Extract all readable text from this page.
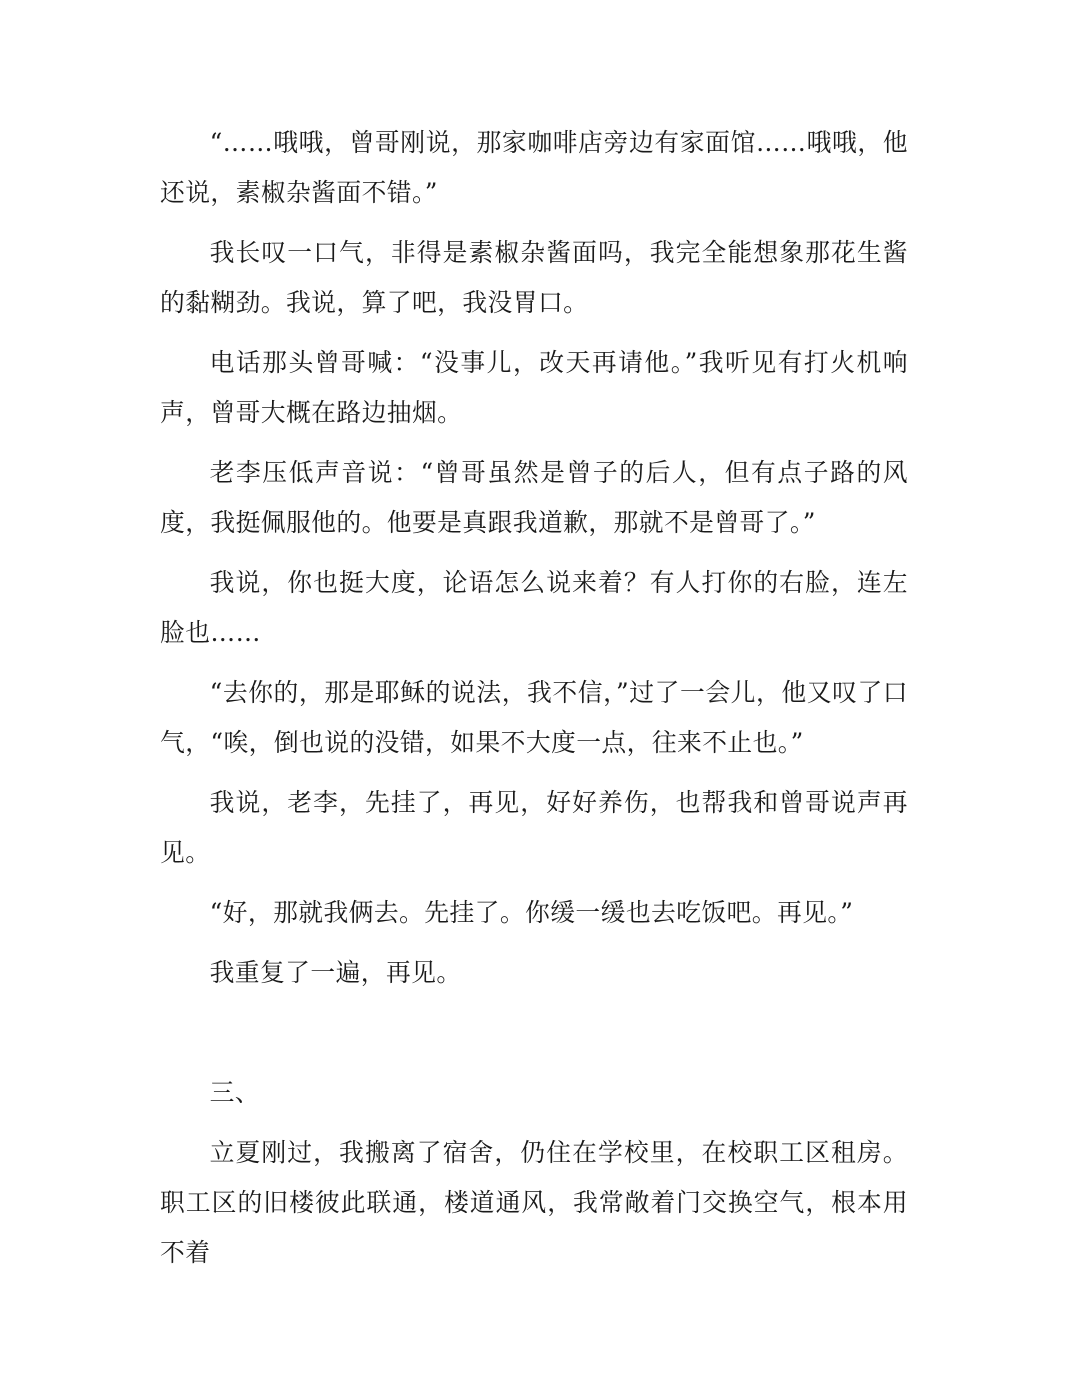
“……哦哦，曾哥刚说，那家咖啡店旁边有家面馆……哦哦，他还说，素椒杂酱面不错。”

我长叹一口气，非得是素椒杂酱面吗，我完全能想象那花生酱的黏糊劲。我说，算了吧，我没胃口。

电话那头曾哥喊：“没事儿，改天再请他。”我听见有打火机响声，曾哥大概在路边抽烟。

老李压低声音说：“曾哥虽然是曾子的后人，但有点子路的风度，我挺佩服他的。他要是真跟我道歉，那就不是曾哥了。”

我说，你也挺大度，论语怎么说来着？有人打你的右脸，连左脸也……

“去你的，那是耶稣的说法，我不信，”过了一会儿，他又叹了口气，“唉，倒也说的没错，如果不大度一点，往来不止也。”

我说，老李，先挂了，再见，好好养伤，也帮我和曾哥说声再见。

“好，那就我俩去。先挂了。你缓一缓也去吃饭吧。再见。”

我重复了一遍，再见。

三、

立夏刚过，我搬离了宿舍，仍住在学校里，在校职工区租房。职工区的旧楼彼此联通，楼道通风，我常敞着门交换空气，根本用不着
